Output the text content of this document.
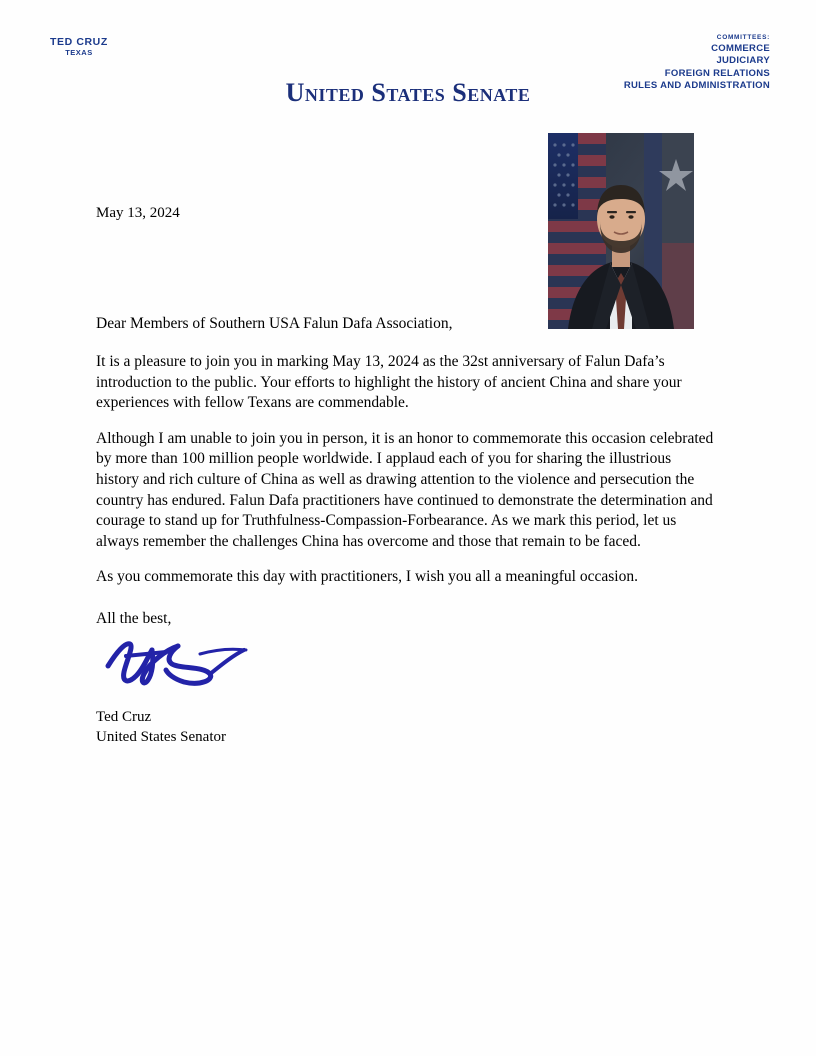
TED CRUZ
TEXAS
United States Senate
COMMITTEES:
COMMERCE
JUDICIARY
FOREIGN RELATIONS
RULES AND ADMINISTRATION
May 13, 2024
Dear Members of Southern USA Falun Dafa Association,

It is a pleasure to join you in marking May 13, 2024 as the 32st anniversary of Falun Dafa’s introduction to the public. Your efforts to highlight the history of ancient China and share your experiences with fellow Texans are commendable.

Although I am unable to join you in person, it is an honor to commemorate this occasion celebrated by more than 100 million people worldwide. I applaud each of you for sharing the illustrious history and rich culture of China as well as drawing attention to the violence and persecution the country has endured. Falun Dafa practitioners have continued to demonstrate the determination and courage to stand up for Truthfulness-Compassion-Forbearance. As we mark this period, let us always remember the challenges China has overcome and those that remain to be faced.

As you commemorate this day with practitioners, I wish you all a meaningful occasion.

All the best,
Ted Cruz
United States Senator
